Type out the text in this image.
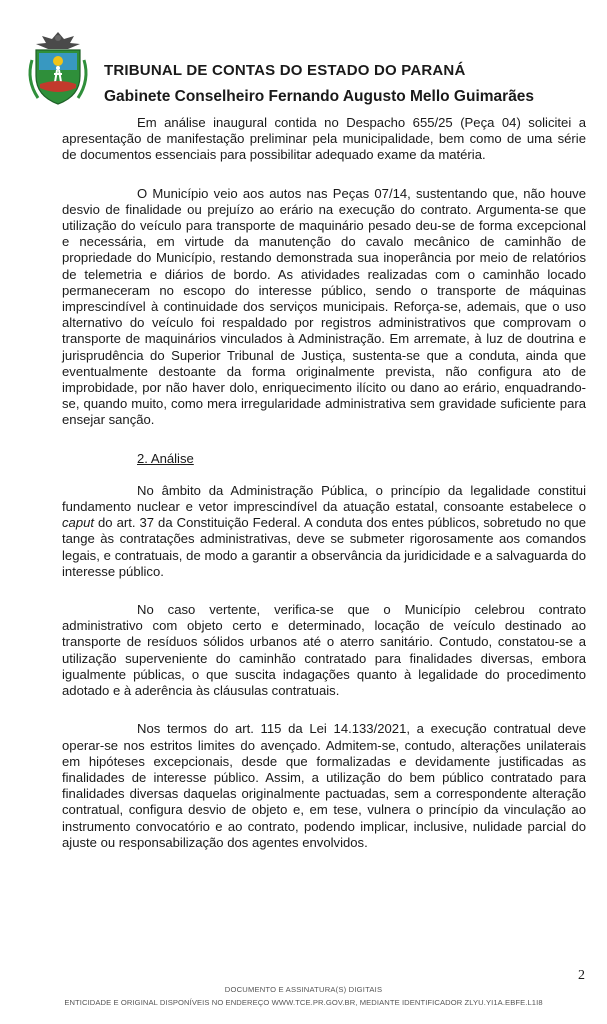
TRIBUNAL DE CONTAS DO ESTADO DO PARANÁ
Gabinete Conselheiro Fernando Augusto Mello Guimarães

Em análise inaugural contida no Despacho 655/25 (Peça 04) solicitei a apresentação de manifestação preliminar pela municipalidade, bem como de uma série de documentos essenciais para possibilitar adequado exame da matéria.

O Município veio aos autos nas Peças 07/14, sustentando que, não houve desvio de finalidade ou prejuízo ao erário na execução do contrato. Argumenta-se que utilização do veículo para transporte de maquinário pesado deu-se de forma excepcional e necessária, em virtude da manutenção do cavalo mecânico de caminhão de propriedade do Município, restando demonstrada sua inoperância por meio de relatórios de telemetria e diários de bordo. As atividades realizadas com o caminhão locado permaneceram no escopo do interesse público, sendo o transporte de máquinas imprescindível à continuidade dos serviços municipais. Reforça-se, ademais, que o uso alternativo do veículo foi respaldado por registros administrativos que comprovam o transporte de maquinários vinculados à Administração. Em arremate, à luz de doutrina e jurisprudência do Superior Tribunal de Justiça, sustenta-se que a conduta, ainda que eventualmente destoante da forma originalmente prevista, não configura ato de improbidade, por não haver dolo, enriquecimento ilícito ou dano ao erário, enquadrando-se, quando muito, como mera irregularidade administrativa sem gravidade suficiente para ensejar sanção.

2. Análise

No âmbito da Administração Pública, o princípio da legalidade constitui fundamento nuclear e vetor imprescindível da atuação estatal, consoante estabelece o caput do art. 37 da Constituição Federal. A conduta dos entes públicos, sobretudo no que tange às contratações administrativas, deve se submeter rigorosamente aos comandos legais, e contratuais, de modo a garantir a observância da juridicidade e a salvaguarda do interesse público.

No caso vertente, verifica-se que o Município celebrou contrato administrativo com objeto certo e determinado, locação de veículo destinado ao transporte de resíduos sólidos urbanos até o aterro sanitário. Contudo, constatou-se a utilização superveniente do caminhão contratado para finalidades diversas, embora igualmente públicas, o que suscita indagações quanto à legalidade do procedimento adotado e à aderência às cláusulas contratuais.

Nos termos do art. 115 da Lei 14.133/2021, a execução contratual deve operar-se nos estritos limites do avençado. Admitem-se, contudo, alterações unilaterais em hipóteses excepcionais, desde que formalizadas e devidamente justificadas as finalidades de interesse público. Assim, a utilização do bem público contratado para finalidades diversas daquelas originalmente pactuadas, sem a correspondente alteração contratual, configura desvio de objeto e, em tese, vulnera o princípio da vinculação ao instrumento convocatório e ao contrato, podendo implicar, inclusive, nulidade parcial do ajuste ou responsabilização dos agentes envolvidos.

2
DOCUMENTO E ASSINATURA(S) DIGITAIS
ENTICIDADE E ORIGINAL DISPONÍVEIS NO ENDEREÇO WWW.TCE.PR.GOV.BR, MEDIANTE IDENTIFICADOR ZLYU.YI1A.EBFE.L1I8
